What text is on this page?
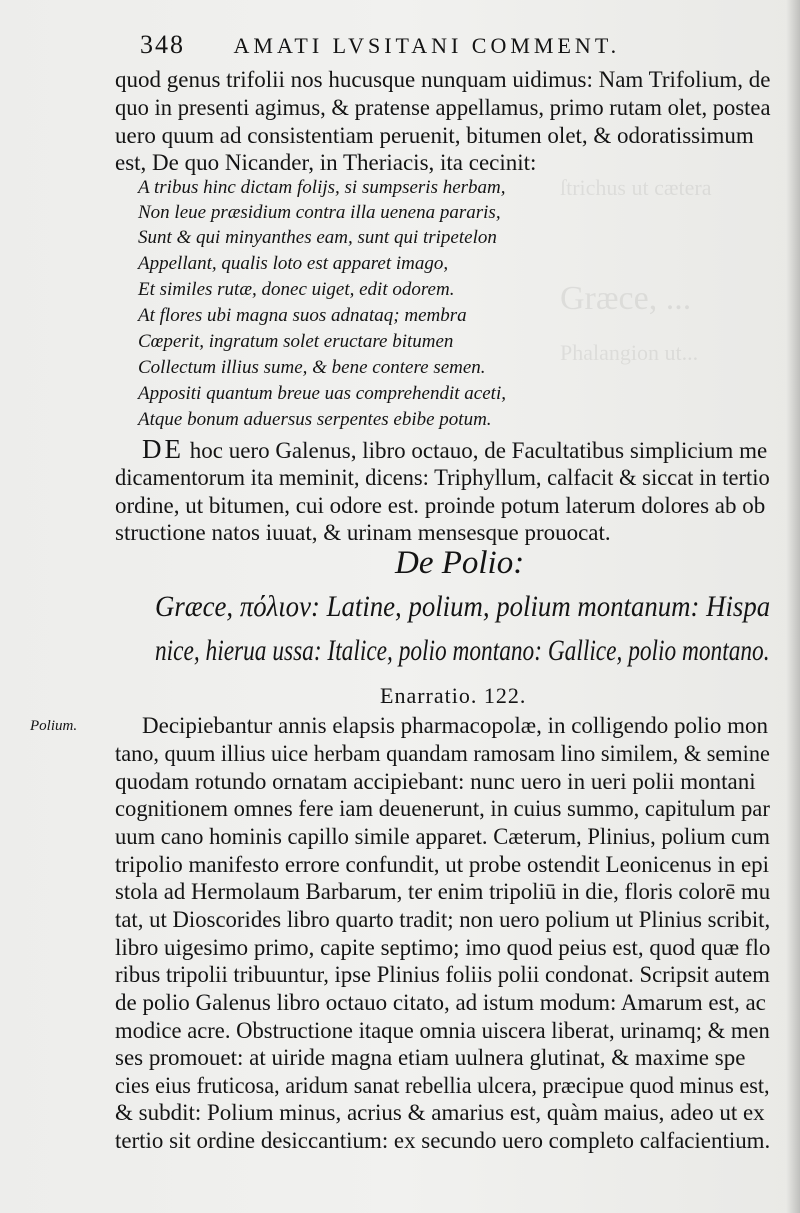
ſtrichus ut cætera
Græce, ...
Phalangion ut...
348 AMATI LVSITANI COMMENT.
quod genus trifolii nos hucusque nunquam uidimus: Nam Trifolium, de
quo in presenti agimus, & pratense appellamus, primo rutam olet, postea
uero quum ad consistentiam peruenit, bitumen olet, & odoratissimum
est, De quo Nicander, in Theriacis, ita cecinit:
A tribus hinc dictam folijs, si sumpseris herbam,
Non leue præsidium contra illa uenena pararis,
Sunt & qui minyanthes eam, sunt qui tripetelon
Appellant, qualis loto est apparet imago,
Et similes rutæ, donec uiget, edit odorem.
At flores ubi magna suos adnataq; membra
Cœperit, ingratum solet eructare bitumen
Collectum illius sume, & bene contere semen.
Appositi quantum breue uas comprehendit aceti,
Atque bonum aduersus serpentes ebibe potum.
DE hoc uero Galenus, libro octauo, de Facultatibus simplicium me
dicamentorum ita meminit, dicens: Triphyllum, calfacit & siccat in tertio
ordine, ut bitumen, cui odore est. proinde potum laterum dolores ab ob
structione natos iuuat, & urinam mensesque prouocat.
De Polio:
Græce, πόλιον: Latine, polium, polium montanum: Hispa
nice, hierua ussa: Italice, polio montano: Gallice, polio montano.
Enarratio. 122.
Polium.	Decipiebantur annis elapsis pharmacopolæ, in colligendo polio mon
tano, quum illius uice herbam quandam ramosam lino similem, & semine
quodam rotundo ornatam accipiebant: nunc uero in ueri polii montani
cognitionem omnes fere iam deuenerunt, in cuius summo, capitulum par
uum cano hominis capillo simile apparet. Cæterum, Plinius, polium cum
tripolio manifesto errore confundit, ut probe ostendit Leonicenus in epi
stola ad Hermolaum Barbarum, ter enim tripoliū in die, floris colorē mu
tat, ut Dioscorides libro quarto tradit; non uero polium ut Plinius scribit,
libro uigesimo primo, capite septimo; imo quod peius est, quod quæ flo
ribus tripolii tribuuntur, ipse Plinius foliis polii condonat. Scripsit autem
de polio Galenus libro octauo citato, ad istum modum: Amarum est, ac
modice acre. Obstructione itaque omnia uiscera liberat, urinamq; & men
ses promouet: at uiride magna etiam uulnera glutinat, & maxime spe
cies eius fruticosa, aridum sanat rebellia ulcera, præcipue quod minus est,
& subdit: Polium minus, acrius & amarius est, quàm maius, adeo ut ex
tertio sit ordine desiccantium: ex secundo uero completo calfacientium.
